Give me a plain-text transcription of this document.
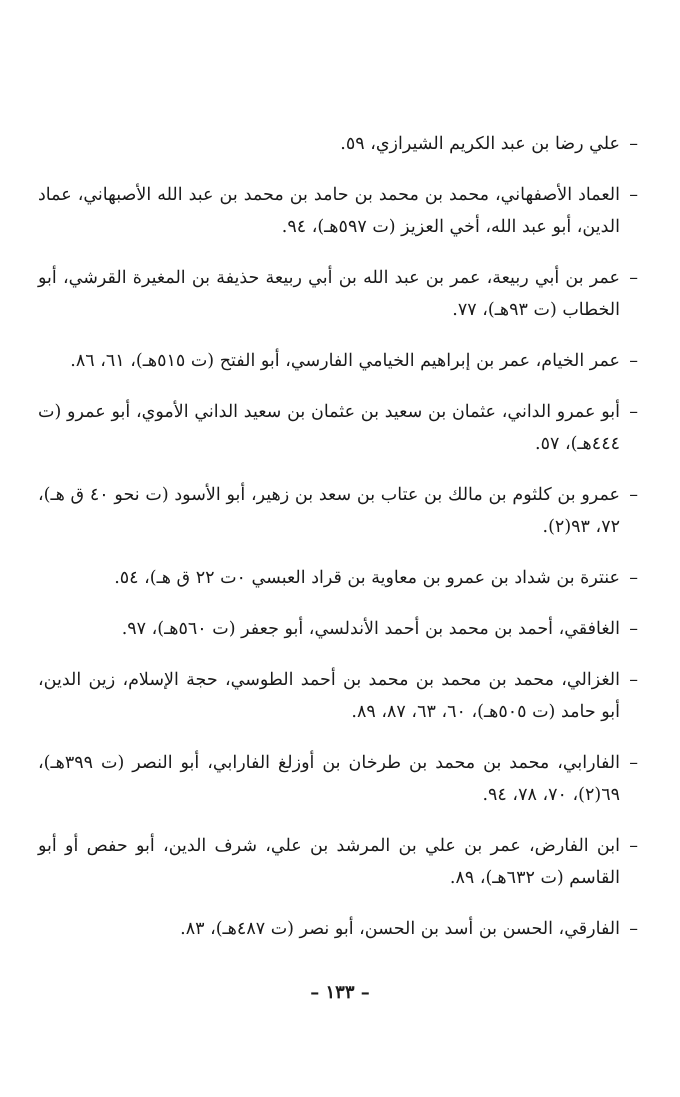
–
علي رضا بن عبد الكريم الشيرازي، ٥٩.
–
العماد الأصفهاني، محمد بن محمد بن حامد بن محمد بن عبد الله الأصبهاني، عماد الدين، أبو عبد الله، أخي العزيز (ت ٥٩٧هـ)، ٩٤.
–
عمر بن أبي ربيعة، عمر بن عبد الله بن أبي ربيعة حذيفة بن المغيرة القرشي، أبو الخطاب (ت ٩٣هـ)، ٧٧.
–
عمر الخيام، عمر بن إبراهيم الخيامي الفارسي، أبو الفتح (ت ٥١٥هـ)، ٦١، ٨٦.
–
أبو عمرو الداني، عثمان بن سعيد بن عثمان بن سعيد الداني الأموي، أبو عمرو (ت ٤٤٤هـ)، ٥٧.
–
عمرو بن كلثوم بن مالك بن عتاب بن سعد بن زهير، أبو الأسود (ت نحو ٤٠ ق هـ)، ٧٢، ٩٣(٢).
–
عنترة بن شداد بن عمرو بن معاوية بن قراد العبسي ٠ت ٢٢ ق هـ)، ٥٤.
–
الغافقي، أحمد بن محمد بن أحمد الأندلسي، أبو جعفر (ت ٥٦٠هـ)، ٩٧.
–
الغزالي، محمد بن محمد بن محمد بن أحمد الطوسي، حجة الإسلام، زين الدين، أبو حامد (ت ٥٠٥هـ)، ٦٠، ٦٣، ٨٧، ٨٩.
–
الفارابي، محمد بن محمد بن طرخان بن أوزلغ الفارابي، أبو النصر (ت ٣٩٩هـ)، ٦٩(٢)، ٧٠، ٧٨، ٩٤.
–
ابن الفارض، عمر بن علي بن المرشد بن علي، شرف الدين، أبو حفص أو أبو القاسم (ت ٦٣٢هـ)، ٨٩.
–
الفارقي، الحسن بن أسد بن الحسن، أبو نصر (ت ٤٨٧هـ)، ٨٣.
– ١٣٣ –
